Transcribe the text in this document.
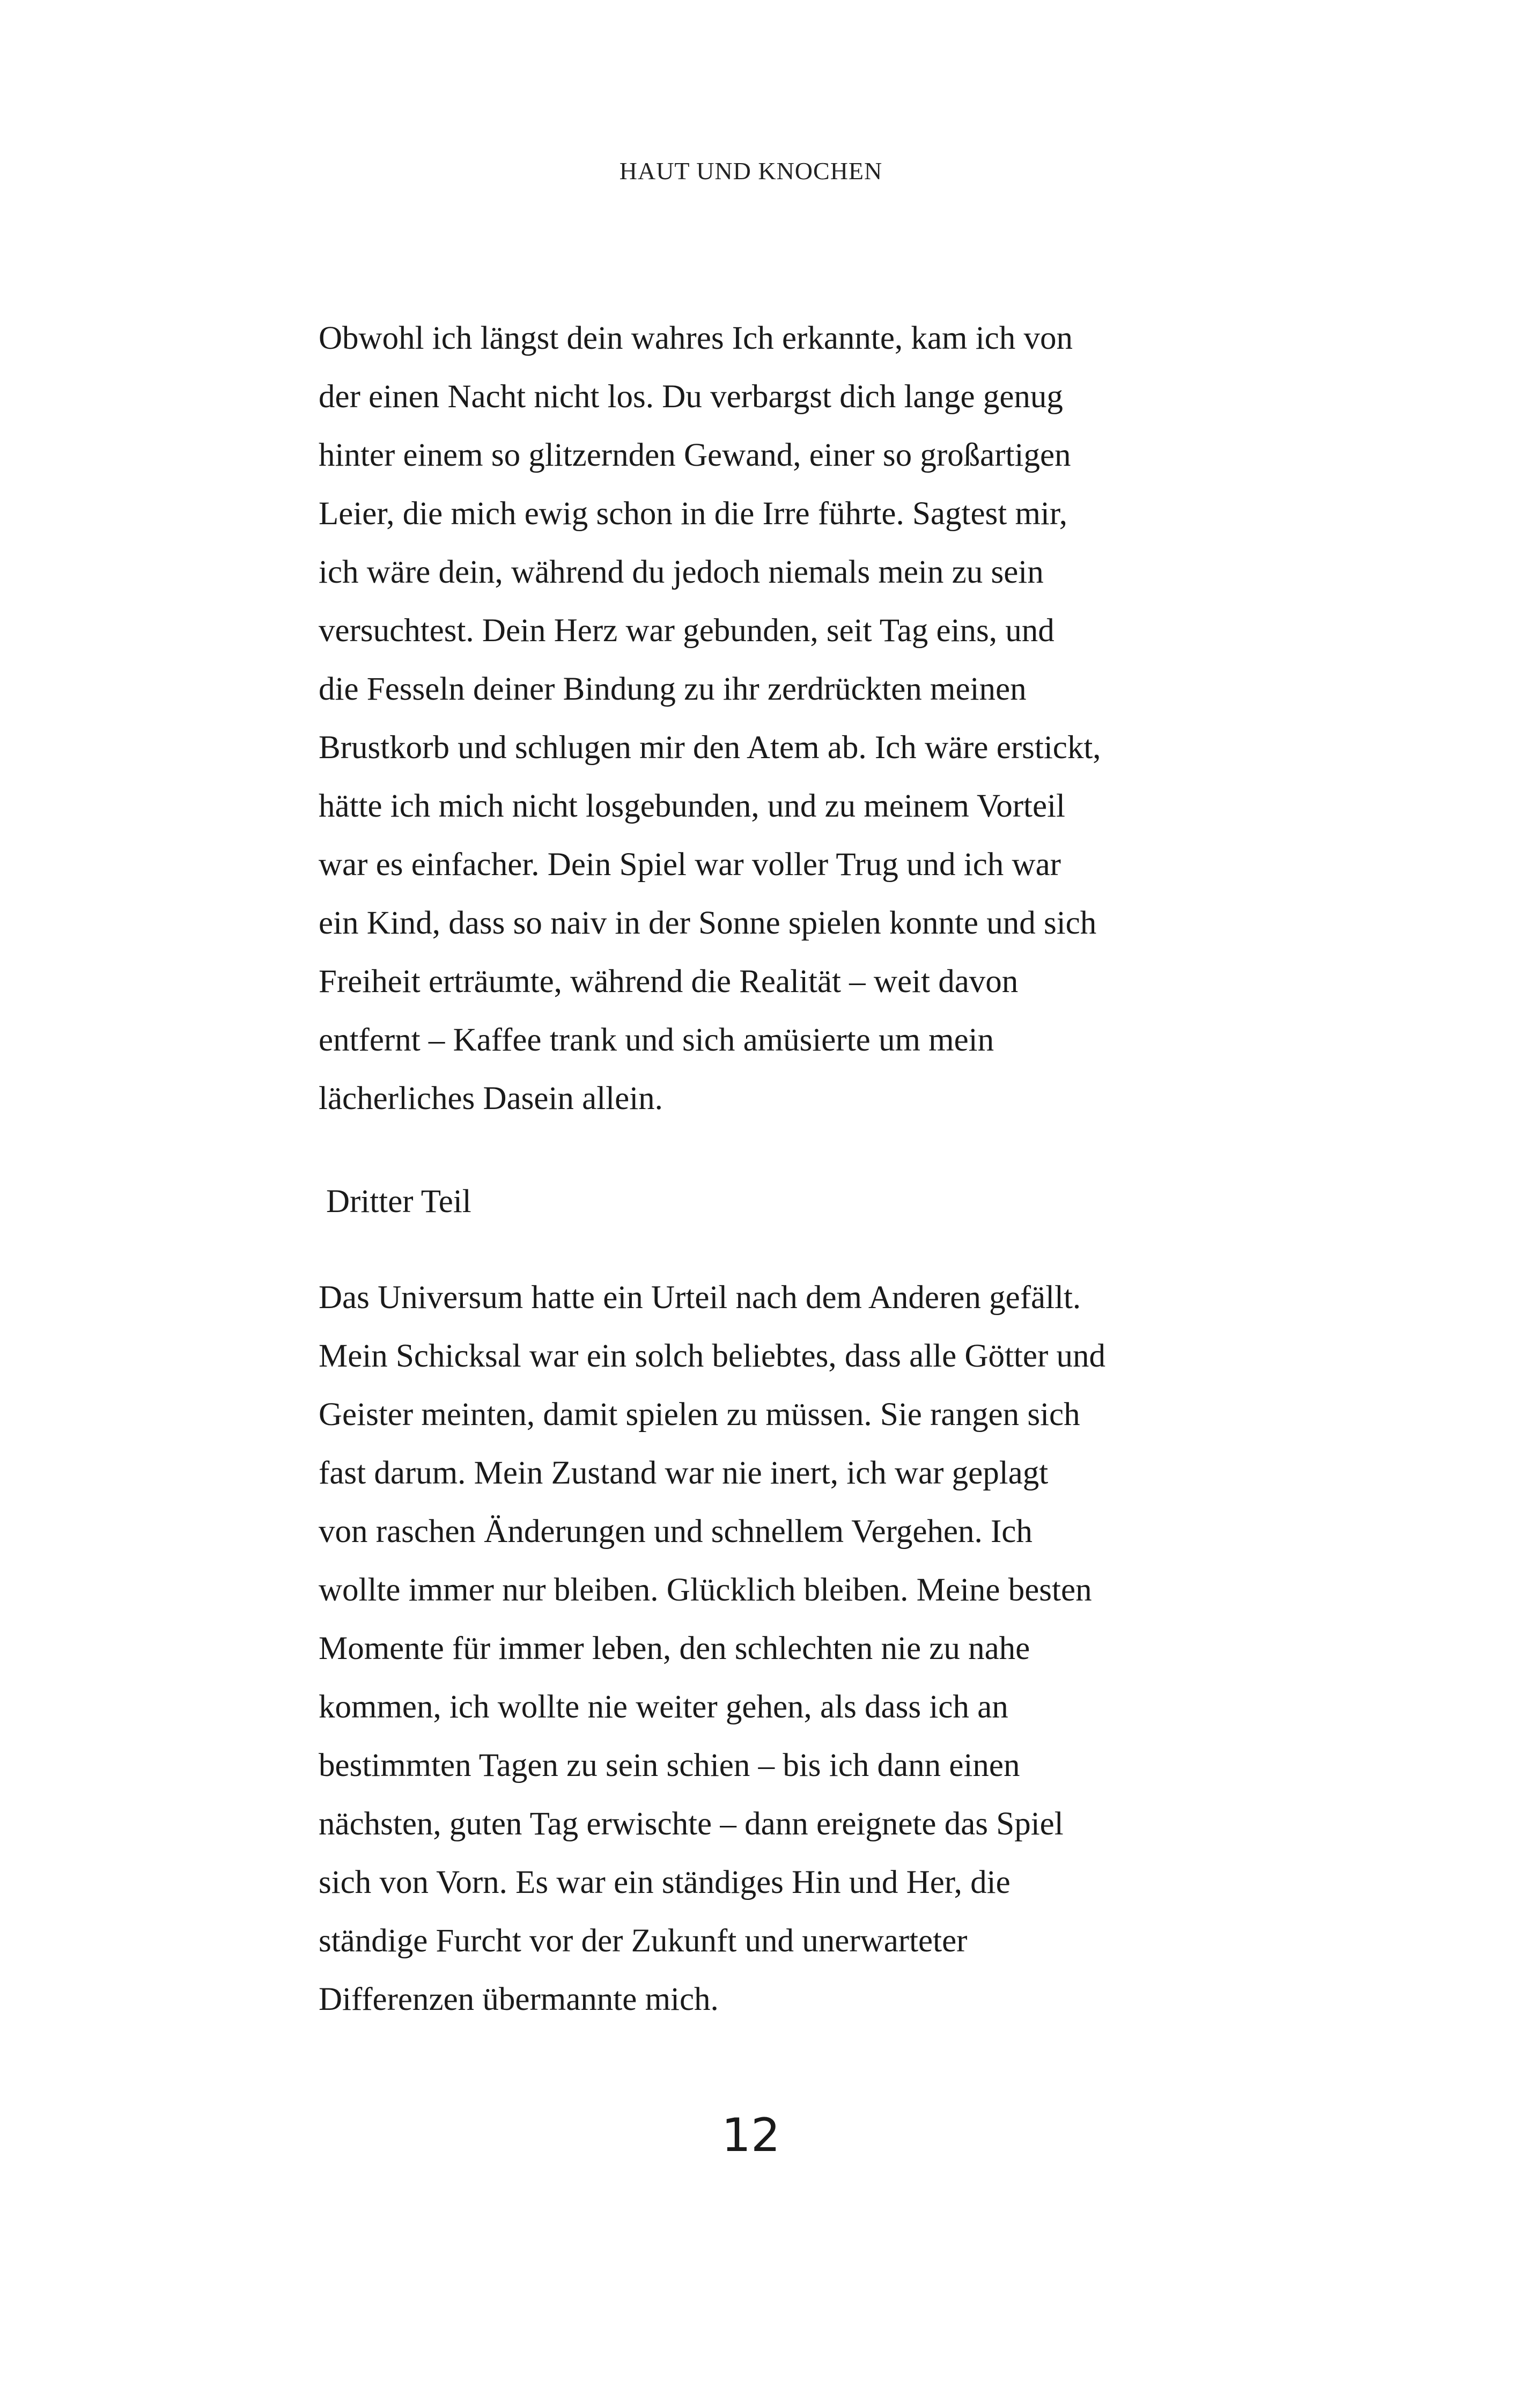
HAUT UND KNOCHEN
Obwohl ich längst dein wahres Ich erkannte, kam ich von
der einen Nacht nicht los. Du verbargst dich lange genug
hinter einem so glitzernden Gewand, einer so großartigen
Leier, die mich ewig schon in die Irre führte. Sagtest mir,
ich wäre dein, während du jedoch niemals mein zu sein
versuchtest. Dein Herz war gebunden, seit Tag eins, und
die Fesseln deiner Bindung zu ihr zerdrückten meinen
Brustkorb und schlugen mir den Atem ab. Ich wäre erstickt,
hätte ich mich nicht losgebunden, und zu meinem Vorteil
war es einfacher. Dein Spiel war voller Trug und ich war
ein Kind, dass so naiv in der Sonne spielen konnte und sich
Freiheit erträumte, während die Realität – weit davon
entfernt – Kaffee trank und sich amüsierte um mein
lächerliches Dasein allein.
Dritter Teil
Das Universum hatte ein Urteil nach dem Anderen gefällt.
Mein Schicksal war ein solch beliebtes, dass alle Götter und
Geister meinten, damit spielen zu müssen. Sie rangen sich
fast darum. Mein Zustand war nie inert, ich war geplagt
von raschen Änderungen und schnellem Vergehen. Ich
wollte immer nur bleiben. Glücklich bleiben. Meine besten
Momente für immer leben, den schlechten nie zu nahe
kommen, ich wollte nie weiter gehen, als dass ich an
bestimmten Tagen zu sein schien – bis ich dann einen
nächsten, guten Tag erwischte – dann ereignete das Spiel
sich von Vorn. Es war ein ständiges Hin und Her, die
ständige Furcht vor der Zukunft und unerwarteter
Differenzen übermannte mich.
12
